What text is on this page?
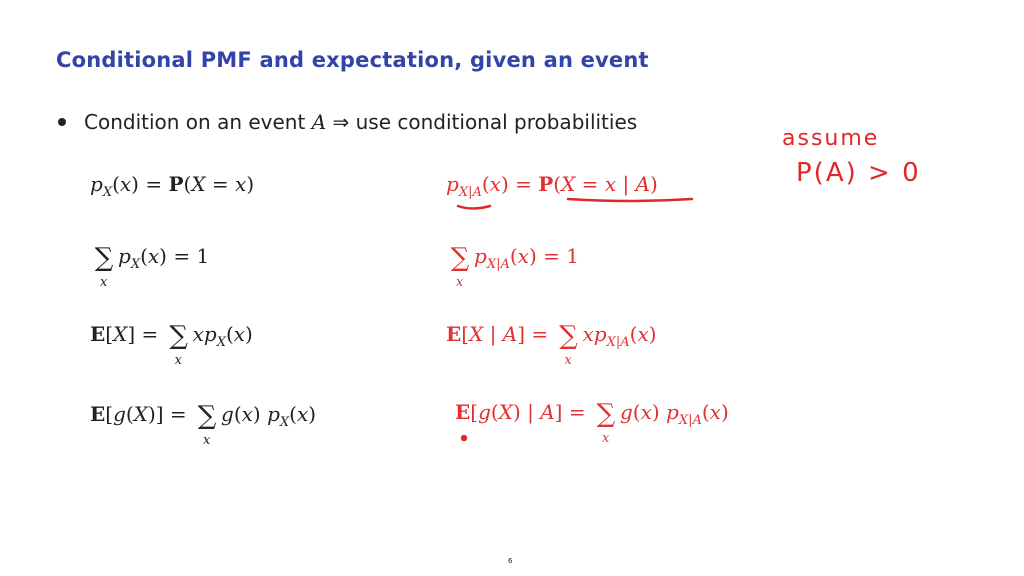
Conditional PMF and expectation, given an event
Condition on an event A ⇒ use conditional probabilities
$p_X(x) = P(X = x)$
∑
x
$p_X(x) = 1$
E[X] = ∑
x
$xp_X(x)$
E[g(X)] = ∑
x
g(x) $p_X(x)$
$p_{X|A}(x) = P(X = x$ | A)
∑
x
$p_{X|A}(x) = 1$
E[X | A] = ∑
x
$xp_{X|A}(x)$
E[g(X) | A] = ∑
x
g(x) $p_{X|A}(x)$
assume
P(A) > 0
6
